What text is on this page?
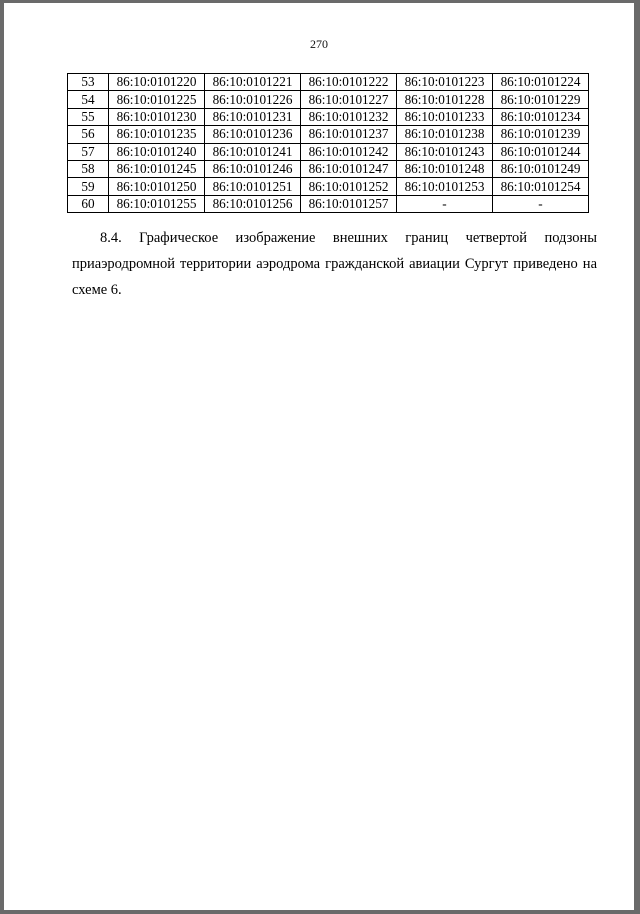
270
53	86:10:0101220	86:10:0101221	86:10:0101222	86:10:0101223	86:10:0101224
54	86:10:0101225	86:10:0101226	86:10:0101227	86:10:0101228	86:10:0101229
55	86:10:0101230	86:10:0101231	86:10:0101232	86:10:0101233	86:10:0101234
56	86:10:0101235	86:10:0101236	86:10:0101237	86:10:0101238	86:10:0101239
57	86:10:0101240	86:10:0101241	86:10:0101242	86:10:0101243	86:10:0101244
58	86:10:0101245	86:10:0101246	86:10:0101247	86:10:0101248	86:10:0101249
59	86:10:0101250	86:10:0101251	86:10:0101252	86:10:0101253	86:10:0101254
60	86:10:0101255	86:10:0101256	86:10:0101257	-	-

8.4. Графическое изображение внешних границ четвертой подзоны приаэродромной территории аэродрома гражданской авиации Сургут приведено на схеме 6.
